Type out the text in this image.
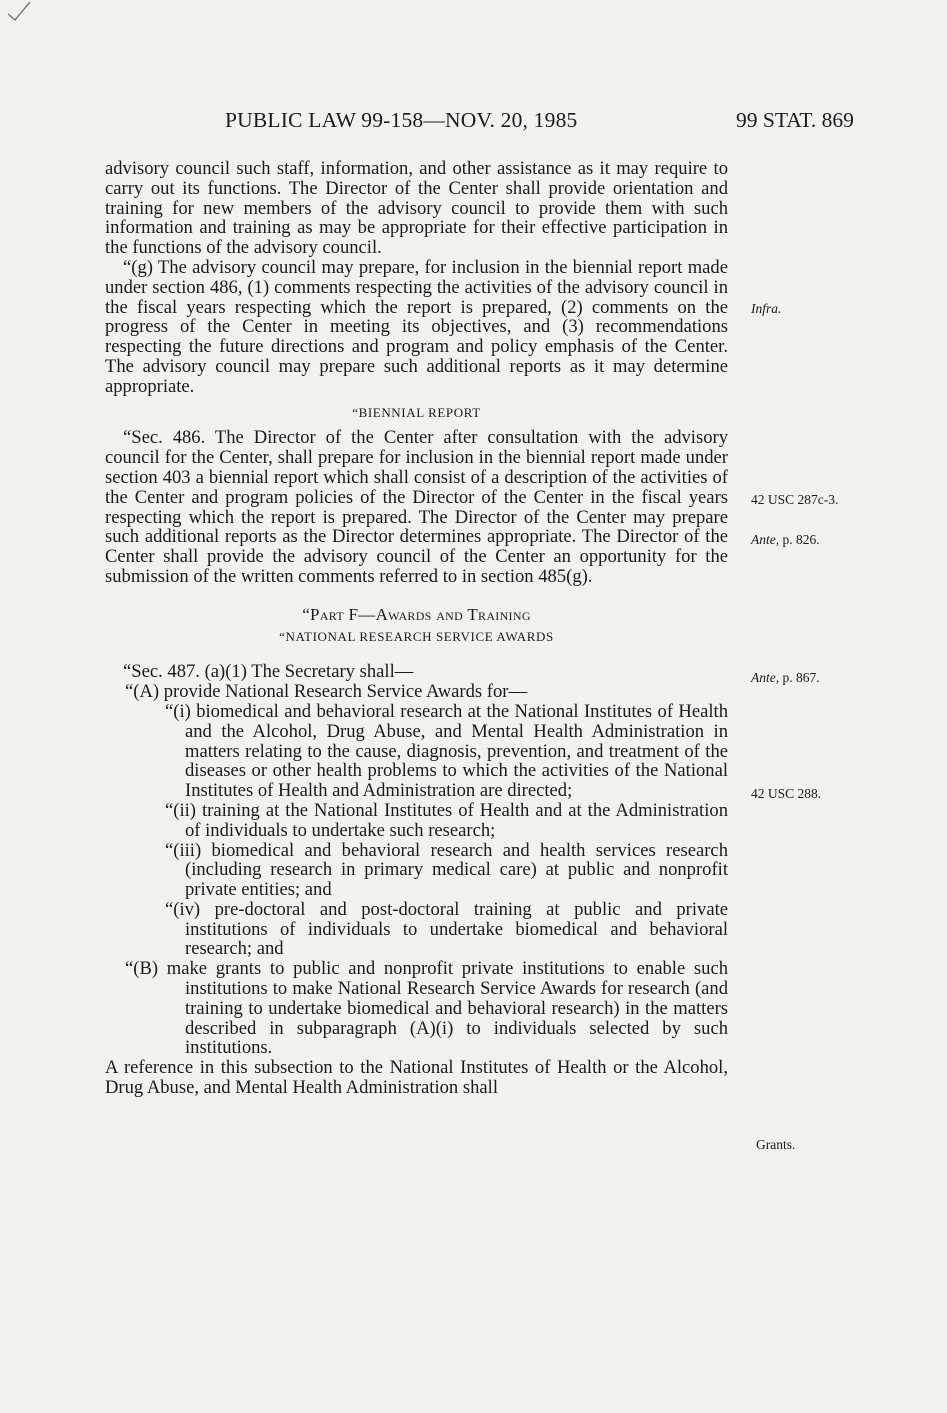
PUBLIC LAW 99-158—NOV. 20, 1985	99 STAT. 869

advisory council such staff, information, and other assistance as it may require to carry out its functions. The Director of the Center shall provide orientation and training for new members of the advisory council to provide them with such information and training as may be appropriate for their effective participation in the functions of the advisory council.

“(g) The advisory council may prepare, for inclusion in the biennial report made under section 486, (1) comments respecting the activities of the advisory council in the fiscal years respecting which the report is prepared, (2) comments on the progress of the Center in meeting its objectives, and (3) recommendations respecting the future directions and program and policy emphasis of the Center. The advisory council may prepare such additional reports as it may determine appropriate.

“BIENNIAL REPORT

“Sec. 486. The Director of the Center after consultation with the advisory council for the Center, shall prepare for inclusion in the biennial report made under section 403 a biennial report which shall consist of a description of the activities of the Center and program policies of the Director of the Center in the fiscal years respecting which the report is prepared. The Director of the Center may prepare such additional reports as the Director determines appropriate. The Director of the Center shall provide the advisory council of the Center an opportunity for the submission of the written comments referred to in section 485(g).

“Part F—Awards and Training

“NATIONAL RESEARCH SERVICE AWARDS

“Sec. 487. (a)(1) The Secretary shall—

“(A) provide National Research Service Awards for—

“(i) biomedical and behavioral research at the National Institutes of Health and the Alcohol, Drug Abuse, and Mental Health Administration in matters relating to the cause, diagnosis, prevention, and treatment of the diseases or other health problems to which the activities of the National Institutes of Health and Administration are directed;

“(ii) training at the National Institutes of Health and at the Administration of individuals to undertake such research;

“(iii) biomedical and behavioral research and health services research (including research in primary medical care) at public and nonprofit private entities; and

“(iv) pre-doctoral and post-doctoral training at public and private institutions of individuals to undertake biomedical and behavioral research; and

“(B) make grants to public and nonprofit private institutions to enable such institutions to make National Research Service Awards for research (and training to undertake biomedical and behavioral research) in the matters described in subparagraph (A)(i) to individuals selected by such institutions.

A reference in this subsection to the National Institutes of Health or the Alcohol, Drug Abuse, and Mental Health Administration shall

Infra.
42 USC 287c-3.
Ante, p. 826.
Ante, p. 867.
42 USC 288.
Grants.
